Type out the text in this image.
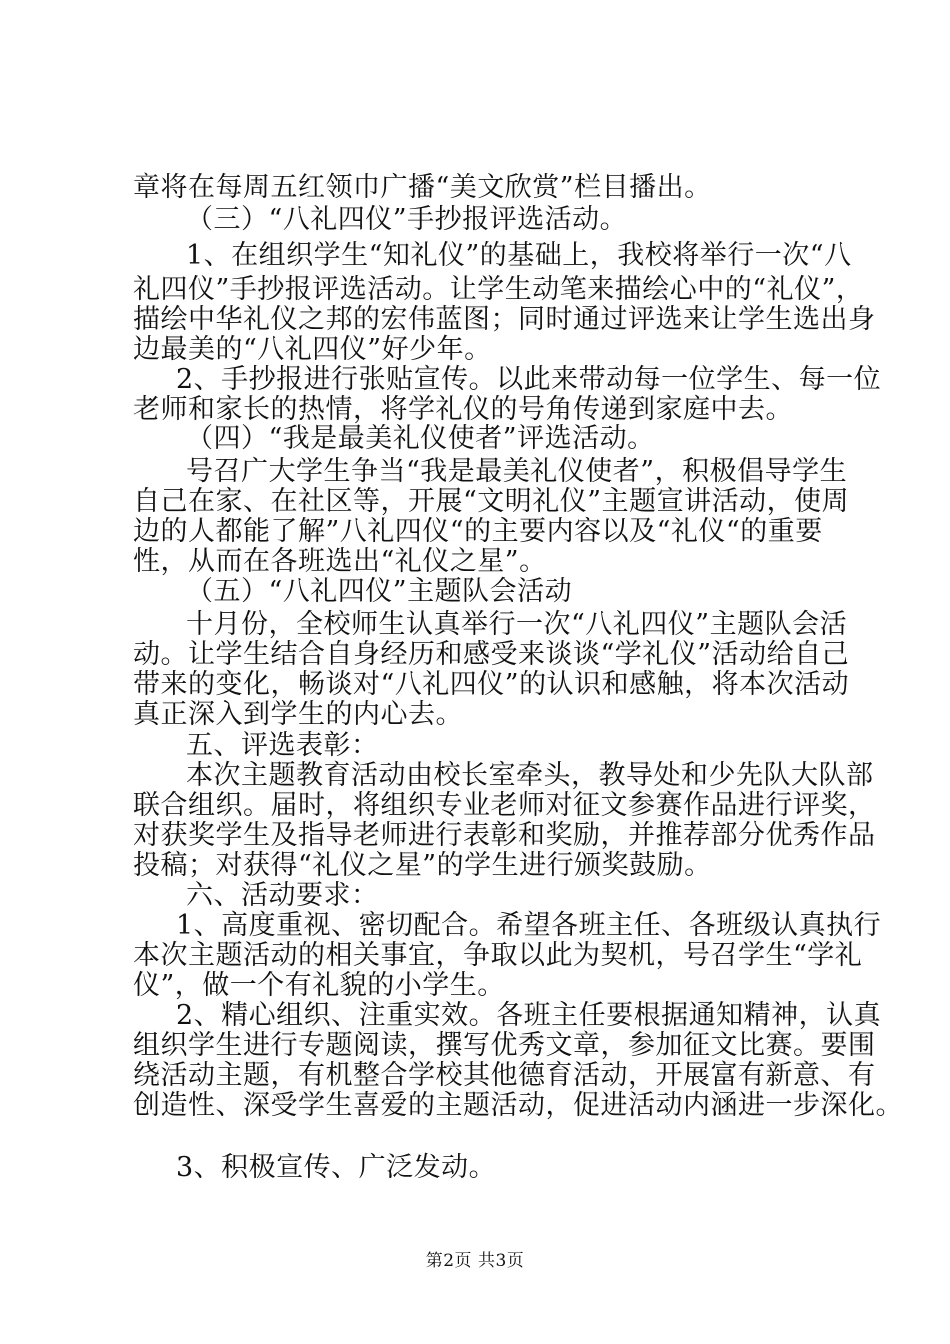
章将在每周五红领巾广播“美文欣赏”栏目播出。
（三）“八礼四仪”手抄报评选活动。
1、在组织学生“知礼仪”的基础上，我校将举行一次“八
礼四仪”手抄报评选活动。让学生动笔来描绘心中的“礼仪”，
描绘中华礼仪之邦的宏伟蓝图；同时通过评选来让学生选出身
边最美的“八礼四仪”好少年。
2、手抄报进行张贴宣传。以此来带动每一位学生、每一位
老师和家长的热情，将学礼仪的号角传递到家庭中去。
（四）“我是最美礼仪使者”评选活动。
号召广大学生争当“我是最美礼仪使者”，积极倡导学生
自己在家、在社区等，开展“文明礼仪”主题宣讲活动，使周
边的人都能了解”八礼四仪“的主要内容以及“礼仪“的重要
性，从而在各班选出“礼仪之星”。
（五）“八礼四仪”主题队会活动
十月份，全校师生认真举行一次“八礼四仪”主题队会活
动。让学生结合自身经历和感受来谈谈“学礼仪”活动给自己
带来的变化，畅谈对“八礼四仪”的认识和感触，将本次活动
真正深入到学生的内心去。
五、评选表彰：
本次主题教育活动由校长室牵头，教导处和少先队大队部
联合组织。届时，将组织专业老师对征文参赛作品进行评奖，
对获奖学生及指导老师进行表彰和奖励，并推荐部分优秀作品
投稿；对获得“礼仪之星”的学生进行颁奖鼓励。
六、活动要求：
1、高度重视、密切配合。希望各班主任、各班级认真执行
本次主题活动的相关事宜，争取以此为契机，号召学生“学礼
仪”，做一个有礼貌的小学生。
2、精心组织、注重实效。各班主任要根据通知精神，认真
组织学生进行专题阅读，撰写优秀文章，参加征文比赛。要围
绕活动主题，有机整合学校其他德育活动，开展富有新意、有
创造性、深受学生喜爱的主题活动，促进活动内涵进一步深化。
3、积极宣传、广泛发动。
第2页 共3页
